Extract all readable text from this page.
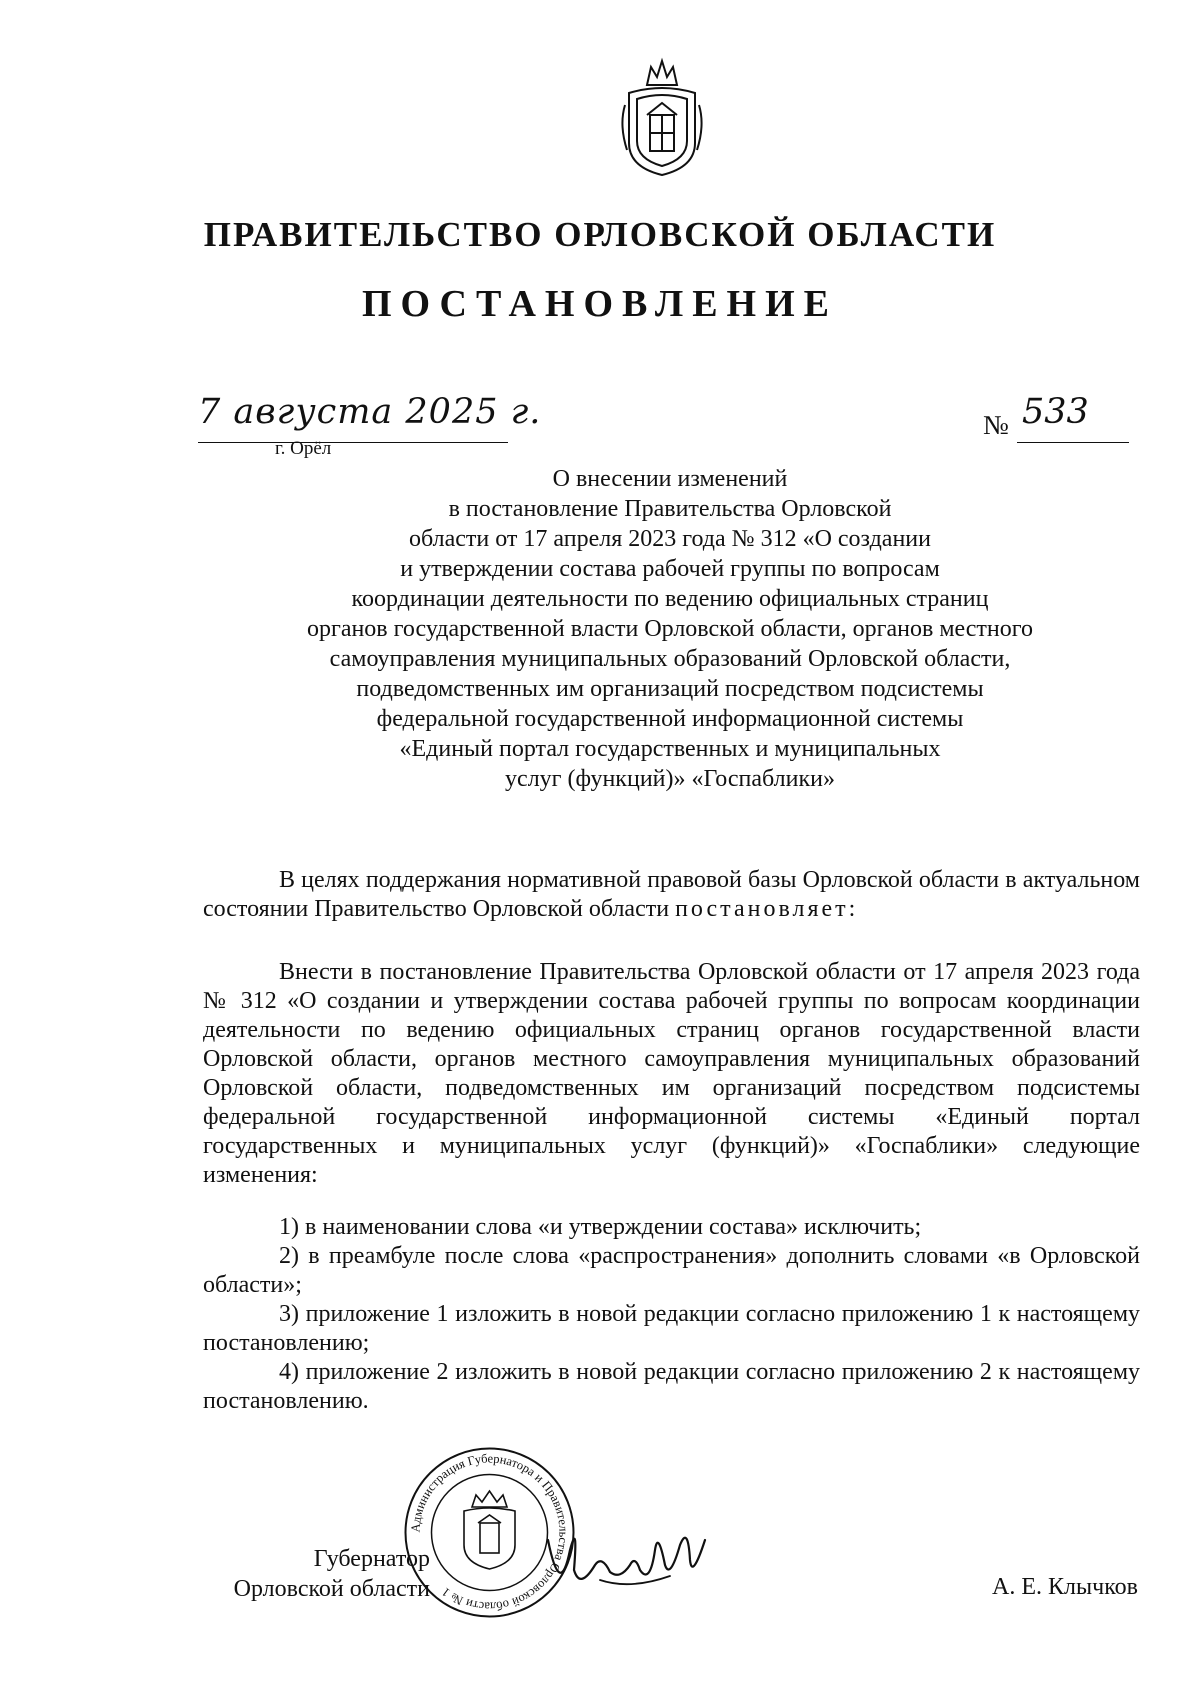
ПРАВИТЕЛЬСТВО ОРЛОВСКОЙ ОБЛАСТИ
ПОСТАНОВЛЕНИЕ
7 августа 2025 г.
г. Орёл
№ 533
О внесении изменений
в постановление Правительства Орловской
области от 17 апреля 2023 года № 312 «О создании
и утверждении состава рабочей группы по вопросам
координации деятельности по ведению официальных страниц
органов государственной власти Орловской области, органов местного
самоуправления муниципальных образований Орловской области,
подведомственных им организаций посредством подсистемы
федеральной государственной информационной системы
«Единый портал государственных и муниципальных
услуг (функций)» «Госпаблики»

В целях поддержания нормативной правовой базы Орловской области в актуальном состоянии Правительство Орловской области постановляет:

Внести в постановление Правительства Орловской области от 17 апреля 2023 года № 312 «О создании и утверждении состава рабочей группы по вопросам координации деятельности по ведению официальных страниц органов государственной власти Орловской области, органов местного самоуправления муниципальных образований Орловской области, подведомственных им организаций посредством подсистемы федеральной государственной информационной системы «Единый портал государственных и муниципальных услуг (функций)» «Госпаблики» следующие изменения:

1) в наименовании слова «и утверждении состава» исключить;

2) в преамбуле после слова «распространения» дополнить словами «в Орловской области»;

3) приложение 1 изложить в новой редакции согласно приложению 1 к настоящему постановлению;

4) приложение 2 изложить в новой редакции согласно приложению 2 к настоящему постановлению.

Администрация Губернатора и Правительства Орловской области № 1
Губернатор
Орловской области	А. Е. Клычков
